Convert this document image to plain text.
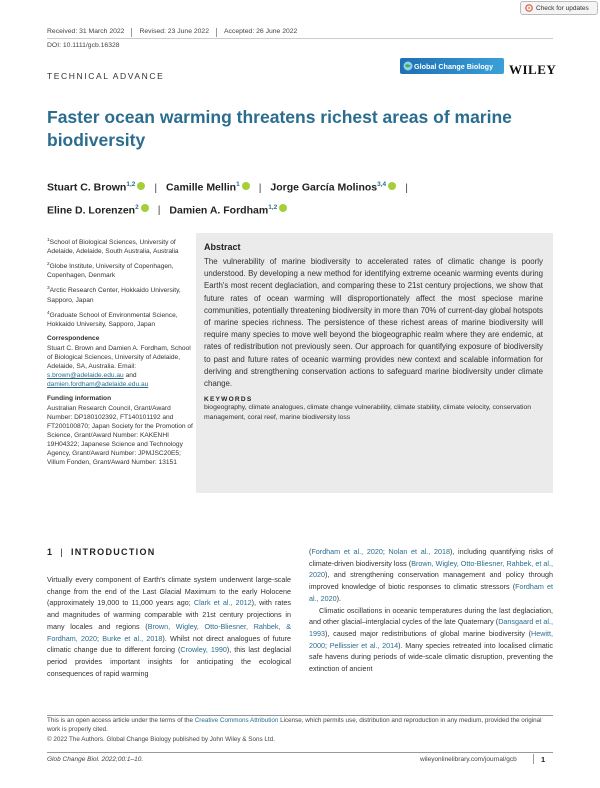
Check for updates
Received: 31 March 2022 Revised: 23 June 2022 Accepted: 26 June 2022
DOI: 10.1111/gcb.16328
TECHNICAL ADVANCE
Global Change Biology WILEY
Faster ocean warming threatens richest areas of marine biodiversity
Stuart C. Brown$^{1,2}$ | Camille Mellin$^1$ | Jorge García Molinos$^{3,4}$ |
Eline D. Lorenzen$^2$ | Damien A. Fordham$^{1,2}$

$^1$School of Biological Sciences, University of Adelaide, Adelaide, South Australia, Australia

$^2$Globe Institute, University of Copenhagen, Copenhagen, Denmark

$^3$Arctic Research Center, Hokkaido University, Sapporo, Japan

$^4$Graduate School of Environmental Science, Hokkaido University, Sapporo, Japan

Correspondence

Stuart C. Brown and Damien A. Fordham, School of Biological Sciences, University of Adelaide, Adelaide, SA, Australia. Email: s.brown@adelaide.edu.au and damien.fordham@adelaide.edu.au

Funding information

Australian Research Council, Grant/Award Number: DP180102392, FT140101192 and FT200100870; Japan Society for the Promotion of Science, Grant/Award Number: KAKENHI 19H04322; Japanese Science and Technology Agency, Grant/Award Number: JPMJSC20E5; Villum Fonden, Grant/Award Number: 13151

Abstract
The vulnerability of marine biodiversity to accelerated rates of climatic change is poorly understood. By developing a new method for identifying extreme oceanic warming events during Earth's most recent deglaciation, and comparing these to 21st century projections, we show that future rates of ocean warming will disproportionately affect the most speciose marine communities, potentially threatening biodiversity in more than 70% of current-day global hotspots of marine species richness. The persistence of these richest areas of marine biodiversity will require many species to move well beyond the biogeographic realm where they are endemic, at rates of redistribution not previously seen. Our approach for quantifying exposure of biodiversity to past and future rates of oceanic warming provides new context and scalable information for deriving and strengthening conservation actions to safeguard marine biodiversity under climate change.
KEYWORDS
biogeography, climate analogues, climate change vulnerability, climate stability, climate velocity, conservation management, coral reef, marine biodiversity loss
1 | INTRODUCTION

Virtually every component of Earth's climate system underwent large-scale change from the end of the Last Glacial Maximum to the early Holocene (approximately 19,000 to 11,000 years ago; Clark et al., 2012), with rates and magnitudes of warming comparable with 21st century projections in many locales and regions (Brown, Wigley, Otto-Bliesner, Rahbek, & Fordham, 2020; Burke et al., 2018). Whilst not direct analogues of future climatic change due to different forcing (Crowley, 1990), this last deglacial period provides important insights for anticipating the ecological consequences of rapid warming

(Fordham et al., 2020; Nolan et al., 2018), including quantifying risks of climate-driven biodiversity loss (Brown, Wigley, Otto-Bliesner, Rahbek, et al., 2020), and strengthening conservation management and policy through improved knowledge of biotic responses to climatic stressors (Fordham et al., 2020).

Climatic oscillations in oceanic temperatures during the last deglaciation, and other glacial–interglacial cycles of the late Quaternary (Dansgaard et al., 1993), caused major redistributions of global marine biodiversity (Hewitt, 2000; Pellissier et al., 2014). Many species retreated into localised climatic safe havens during periods of wide-scale climatic disruption, preventing the extinction of ancient

This is an open access article under the terms of the Creative Commons Attribution License, which permits use, distribution and reproduction in any medium, provided the original work is properly cited.
© 2022 The Authors. Global Change Biology published by John Wiley & Sons Ltd.
Glob Change Biol. 2022;00:1–10.	wileyonlinelibrary.com/journal/gcb	1
